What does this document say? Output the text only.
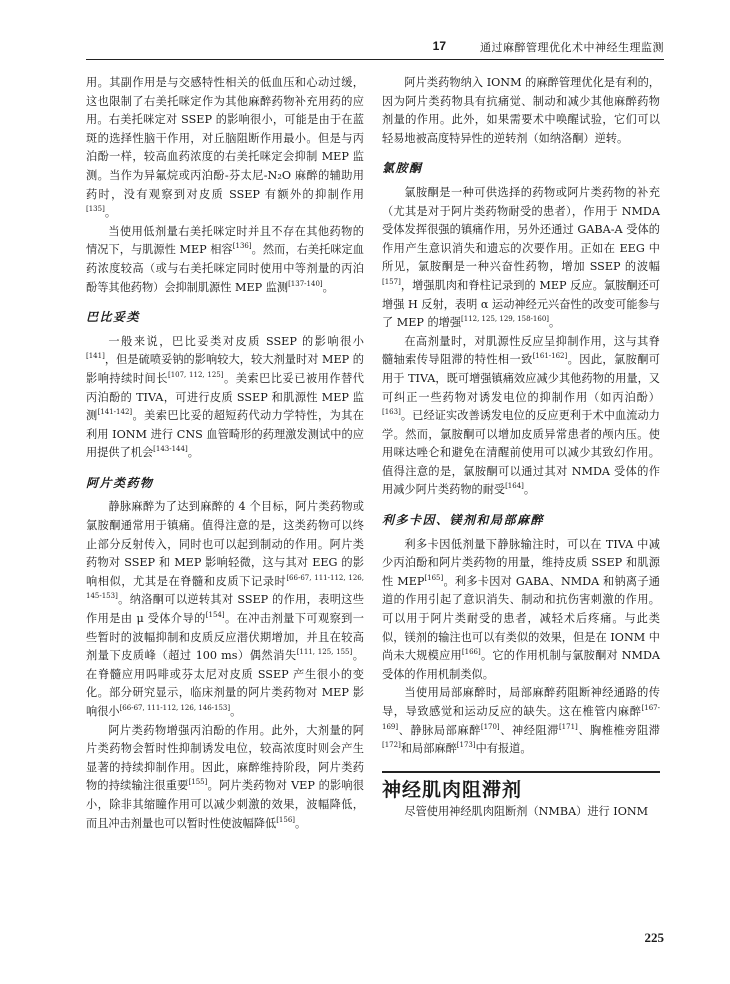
17	通过麻醉管理优化术中神经生理监测

用。其副作用是与交感特性相关的低血压和心动过缓，这也限制了右美托咪定作为其他麻醉药物补充用药的应用。右美托咪定对 SSEP 的影响很小，可能是由于在蓝斑的选择性脑干作用，对丘脑阻断作用最小。但是与丙泊酚一样，较高血药浓度的右美托咪定会抑制 MEP 监测。当作为异氟烷或丙泊酚-芬太尼-N₂O 麻醉的辅助用药时，没有观察到对皮质 SSEP 有额外的抑制作用[135]。

当使用低剂量右美托咪定时并且不存在其他药物的情况下，与肌源性 MEP 相容[136]。然而，右美托咪定血药浓度较高（或与右美托咪定同时使用中等剂量的丙泊酚等其他药物）会抑制肌源性 MEP 监测[137-140]。

巴比妥类

一般来说，巴比妥类对皮质 SSEP 的影响很小[141]，但是硫喷妥钠的影响较大，较大剂量时对 MEP 的影响持续时间长[107, 112, 125]。美索巴比妥已被用作替代丙泊酚的 TIVA，可进行皮质 SSEP 和肌源性 MEP 监测[141-142]。美索巴比妥的超短药代动力学特性，为其在利用 IONM 进行 CNS 血管畸形的药理激发测试中的应用提供了机会[143-144]。

阿片类药物

静脉麻醉为了达到麻醉的 4 个目标，阿片类药物或氯胺酮通常用于镇痛。值得注意的是，这类药物可以终止部分反射传入，同时也可以起到制动的作用。阿片类药物对 SSEP 和 MEP 影响轻微，这与其对 EEG 的影响相似，尤其是在脊髓和皮质下记录时[66-67, 111-112, 126, 145-153]。纳洛酮可以逆转其对 SSEP 的作用，表明这些作用是由 μ 受体介导的[154]。在冲击剂量下可观察到一些暂时的波幅抑制和皮质反应潜伏期增加，并且在较高剂量下皮质峰（超过 100 ms）偶然消失[111, 125, 155]。在脊髓应用吗啡或芬太尼对皮质 SSEP 产生很小的变化。部分研究显示，临床剂量的阿片类药物对 MEP 影响很小[66-67, 111-112, 126, 146-153]。

阿片类药物增强丙泊酚的作用。此外，大剂量的阿片类药物会暂时性抑制诱发电位，较高浓度时则会产生显著的持续抑制作用。因此，麻醉维持阶段，阿片类药物的持续输注很重要[155]。阿片类药物对 VEP 的影响很小，除非其缩瞳作用可以减少刺激的效果，波幅降低，而且冲击剂量也可以暂时性使波幅降低[156]。

阿片类药物纳入 IONM 的麻醉管理优化是有利的，因为阿片类药物具有抗痛觉、制动和减少其他麻醉药物剂量的作用。此外，如果需要术中唤醒试验，它们可以轻易地被高度特异性的逆转剂（如纳洛酮）逆转。

氯胺酮

氯胺酮是一种可供选择的药物或阿片类药物的补充（尤其是对于阿片类药物耐受的患者），作用于 NMDA 受体发挥很强的镇痛作用，另外还通过 GABA-A 受体的作用产生意识消失和遗忘的次要作用。正如在 EEG 中所见，氯胺酮是一种兴奋性药物，增加 SSEP 的波幅[157]，增强肌肉和脊柱记录到的 MEP 反应。氯胺酮还可增强 H 反射，表明 α 运动神经元兴奋性的改变可能参与了 MEP 的增强[112, 125, 129, 158-160]。

在高剂量时，对肌源性反应呈抑制作用，这与其脊髓轴索传导阻滞的特性相一致[161-162]。因此，氯胺酮可用于 TIVA，既可增强镇痛效应减少其他药物的用量，又可纠正一些药物对诱发电位的抑制作用（如丙泊酚）[163]。已经证实改善诱发电位的反应更利于术中血流动力学。然而，氯胺酮可以增加皮质异常患者的颅内压。使用咪达唑仑和避免在清醒前使用可以减少其致幻作用。值得注意的是，氯胺酮可以通过其对 NMDA 受体的作用减少阿片类药物的耐受[164]。

利多卡因、镁剂和局部麻醉

利多卡因低剂量下静脉输注时，可以在 TIVA 中减少丙泊酚和阿片类药物的用量，维持皮质 SSEP 和肌源性 MEP[165]。利多卡因对 GABA、NMDA 和钠离子通道的作用引起了意识消失、制动和抗伤害刺激的作用。可以用于阿片类耐受的患者，减轻术后疼痛。与此类似，镁剂的输注也可以有类似的效果，但是在 IONM 中尚未大规模应用[166]。它的作用机制与氯胺酮对 NMDA 受体的作用机制类似。

当使用局部麻醉时，局部麻醉药阻断神经通路的传导，导致感觉和运动反应的缺失。这在椎管内麻醉[167-169]、静脉局部麻醉[170]、神经阻滞[171]、胸椎椎旁阻滞[172]和局部麻醉[173]中有报道。

神经肌肉阻滞剂

尽管使用神经肌肉阻断剂（NMBA）进行 IONM

225
